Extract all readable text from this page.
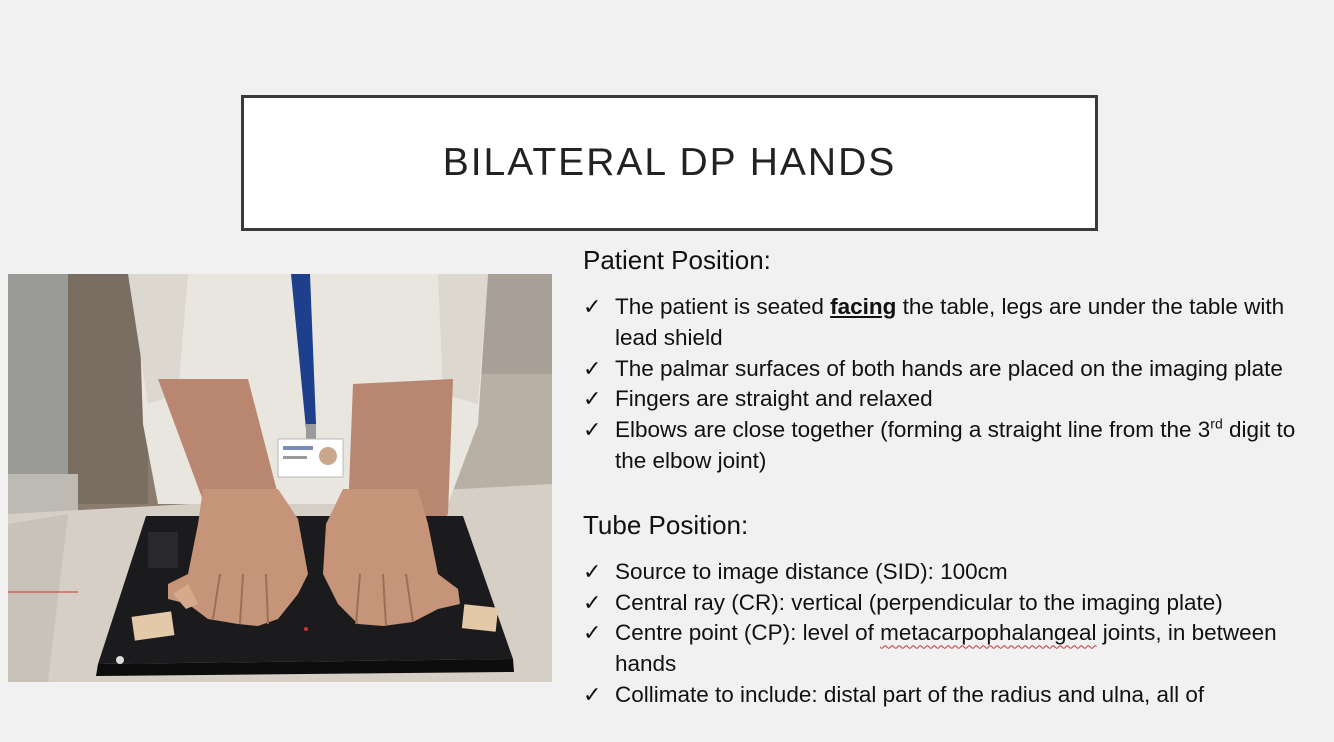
BILATERAL DP HANDS
Patient Position:
✓ The patient is seated facing the table, legs are under the table with lead shield
✓ The palmar surfaces of both hands are placed on the imaging plate
✓ Fingers are straight and relaxed
✓ Elbows are close together (forming a straight line from the 3rd digit to the elbow joint)
Tube Position:
✓ Source to image distance (SID): 100cm
✓ Central ray (CR): vertical (perpendicular to the imaging plate)
✓ Centre point (CP): level of metacarpophalangeal joints, in between hands
✓ Collimate to include: distal part of the radius and ulna, all of
